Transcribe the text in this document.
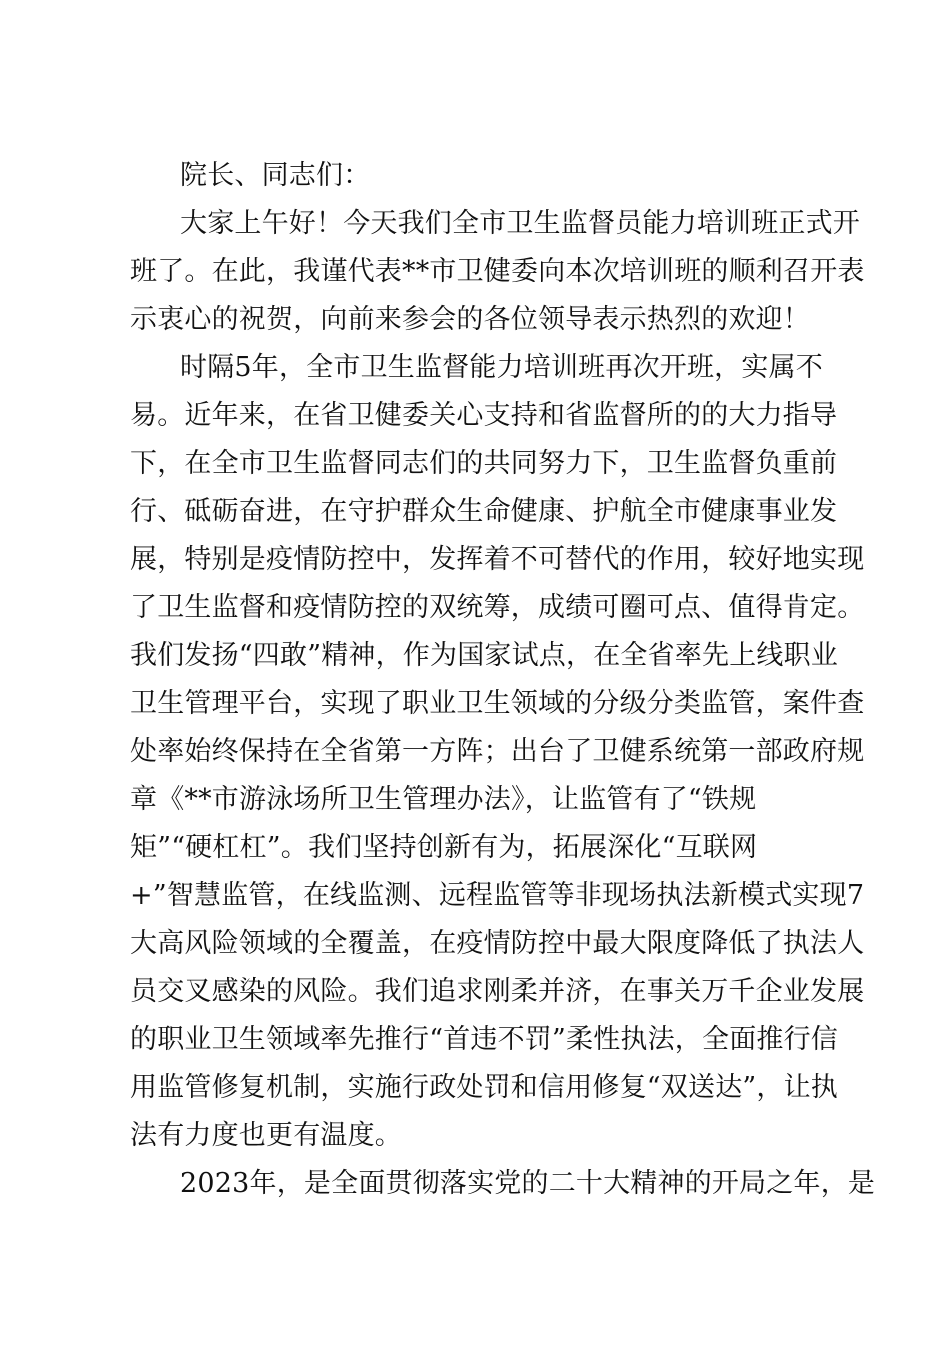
院长、同志们：
大家上午好！今天我们全市卫生监督员能力培训班正式开
班了。在此，我谨代表**市卫健委向本次培训班的顺利召开表
示衷心的祝贺，向前来参会的各位领导表示热烈的欢迎！
时隔5年，全市卫生监督能力培训班再次开班，实属不
易。近年来，在省卫健委关心支持和省监督所的的大力指导
下，在全市卫生监督同志们的共同努力下，卫生监督负重前
行、砥砺奋进，在守护群众生命健康、护航全市健康事业发
展，特别是疫情防控中，发挥着不可替代的作用，较好地实现
了卫生监督和疫情防控的双统筹，成绩可圈可点、值得肯定。
我们发扬“四敢”精神，作为国家试点，在全省率先上线职业
卫生管理平台，实现了职业卫生领域的分级分类监管，案件查
处率始终保持在全省第一方阵；出台了卫健系统第一部政府规
章《**市游泳场所卫生管理办法》，让监管有了“铁规
矩”“硬杠杠”。我们坚持创新有为，拓展深化“互联网
+”智慧监管，在线监测、远程监管等非现场执法新模式实现7
大高风险领域的全覆盖，在疫情防控中最大限度降低了执法人
员交叉感染的风险。我们追求刚柔并济，在事关万千企业发展
的职业卫生领域率先推行“首违不罚”柔性执法，全面推行信
用监管修复机制，实施行政处罚和信用修复“双送达”，让执
法有力度也更有温度。
2023年，是全面贯彻落实党的二十大精神的开局之年，是
